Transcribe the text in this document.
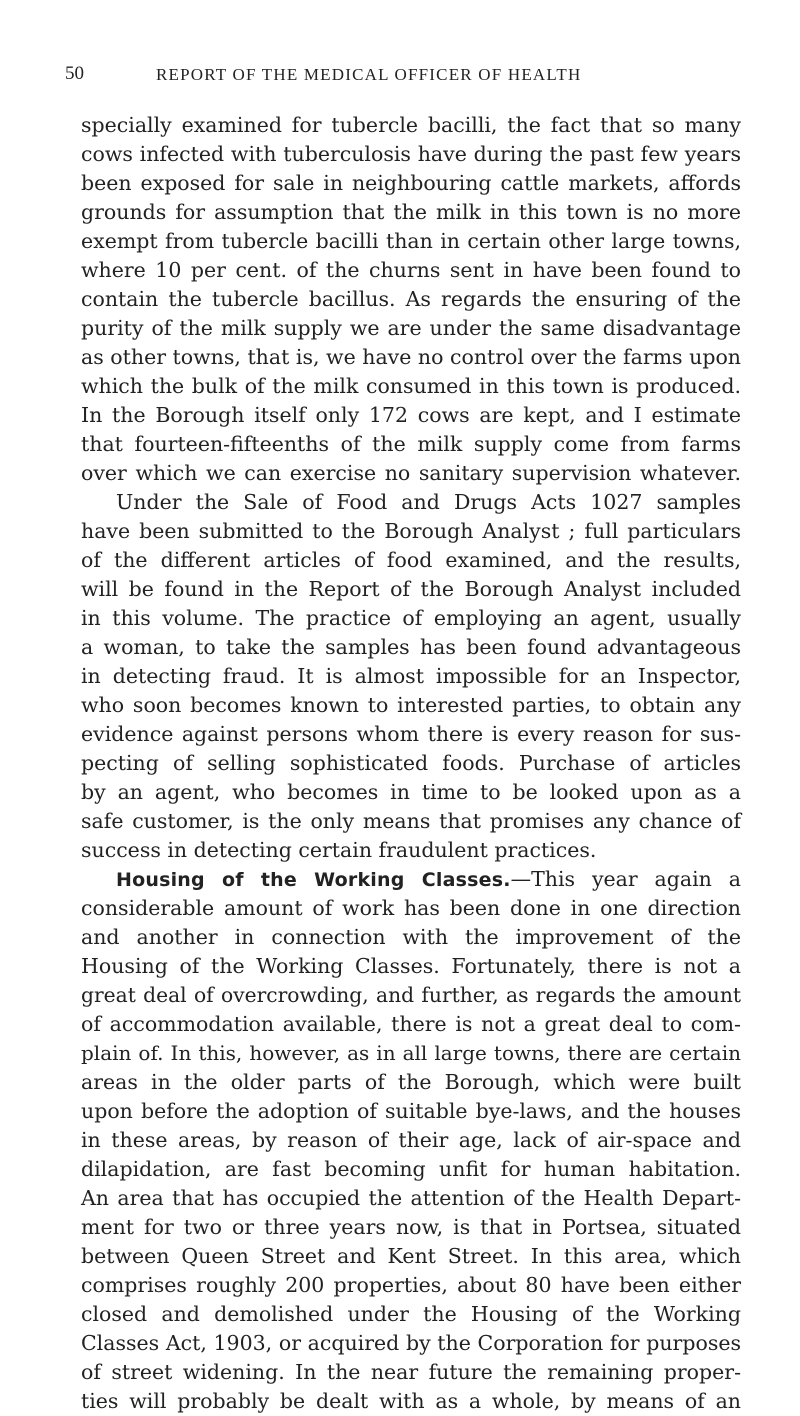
50	REPORT OF THE MEDICAL OFFICER OF HEALTH
specially examined for tubercle bacilli, the fact that so many
cows infected with tuberculosis have during the past few years
been exposed for sale in neighbouring cattle markets, affords
grounds for assumption that the milk in this town is no more
exempt from tubercle bacilli than in certain other large towns,
where 10 per cent. of the churns sent in have been found to
contain the tubercle bacillus. As regards the ensuring of the
purity of the milk supply we are under the same disadvantage
as other towns, that is, we have no control over the farms upon
which the bulk of the milk consumed in this town is produced.
In the Borough itself only 172 cows are kept, and I estimate
that fourteen-fifteenths of the milk supply come from farms
over which we can exercise no sanitary supervision whatever.
Under the Sale of Food and Drugs Acts 1027 samples
have been submitted to the Borough Analyst ; full particulars
of the different articles of food examined, and the results,
will be found in the Report of the Borough Analyst included
in this volume. The practice of employing an agent, usually
a woman, to take the samples has been found advantageous
in detecting fraud. It is almost impossible for an Inspector,
who soon becomes known to interested parties, to obtain any
evidence against persons whom there is every reason for sus-
pecting of selling sophisticated foods. Purchase of articles
by an agent, who becomes in time to be looked upon as a
safe customer, is the only means that promises any chance of
success in detecting certain fraudulent practices.
Housing of the Working Classes.—This year again a
considerable amount of work has been done in one direction
and another in connection with the improvement of the
Housing of the Working Classes. Fortunately, there is not a
great deal of overcrowding, and further, as regards the amount
of accommodation available, there is not a great deal to com-
plain of. In this, however, as in all large towns, there are certain
areas in the older parts of the Borough, which were built
upon before the adoption of suitable bye-laws, and the houses
in these areas, by reason of their age, lack of air-space and
dilapidation, are fast becoming unfit for human habitation.
An area that has occupied the attention of the Health Depart-
ment for two or three years now, is that in Portsea, situated
between Queen Street and Kent Street. In this area, which
comprises roughly 200 properties, about 80 have been either
closed and demolished under the Housing of the Working
Classes Act, 1903, or acquired by the Corporation for purposes
of street widening. In the near future the remaining proper-
ties will probably be dealt with as a whole, by means of an
